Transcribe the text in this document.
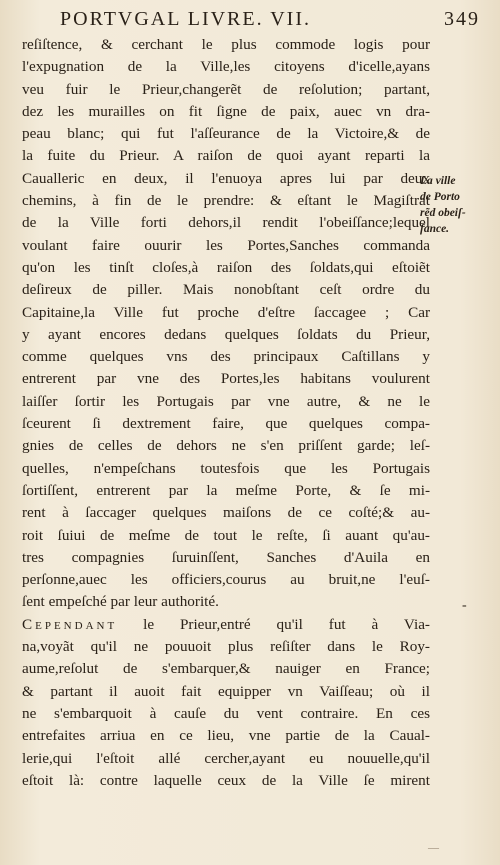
PORTVGAL LIVRE. VII.	349
reſiſtence, & cerchant le plus commode logis pour
l'expugnation de la Ville,les citoyens d'icelle,ayans
veu fuir le Prieur,changerẽt de reſolution; partant,
dez les murailles on fit ſigne de paix, auec vn dra-
peau blanc; qui fut l'aſſeurance de la Victoire,& de
la fuite du Prieur. A raiſon de quoi ayant reparti la
Caualleric en deux, il l'enuoya apres lui par deux
chemins, à fin de le prendre: & eſtant le Magiſtrat
de la Ville forti dehors,il rendit l'obeiſſance;lequel
voulant faire ouurir les Portes,Sanches commanda
qu'on les tinſt cloſes,à raiſon des ſoldats,qui eſtoiẽt
deſireux de piller. Mais nonobſtant ceſt ordre du
Capitaine,la Ville fut proche d'eſtre ſaccagee ; Car
y ayant encores dedans quelques ſoldats du Prieur,
comme quelques vns des principaux Caſtillans y
entrerent par vne des Portes,les habitans voulurent
laiſſer ſortir les Portugais par vne autre, & ne le
ſceurent ſi dextrement faire, que quelques compa-
gnies de celles de dehors ne s'en priſſent garde; leſ-
quelles, n'empeſchans toutesfois que les Portugais
ſortiſſent, entrerent par la meſme Porte, & ſe mi-
rent à ſaccager quelques maiſons de ce coſté;& au-
roit ſuiui de meſme de tout le reſte, ſi auant qu'au-
tres compagnies ſuruinſſent, Sanches d'Auila en
perſonne,auec les officiers,courus au bruit,ne l'euſ-
ſent empeſché par leur authorité.
Cependant le Prieur,entré qu'il fut à Via-
na,voyãt qu'il ne pouuoit plus reſiſter dans le Roy-
aume,reſolut de s'embarquer,& nauiger en France;
& partant il auoit fait equipper vn Vaiſſeau; où il
ne s'embarquoit à cauſe du vent contraire. En ces
entrefaites arriua en ce lieu, vne partie de la Caual-
lerie,qui l'eſtoit allé cercher,ayant eu nouuelle,qu'il
eſtoit là: contre laquelle ceux de la Ville ſe mirent
La ville
de Porto
rẽd obeiſ-
ſance.
-
—
